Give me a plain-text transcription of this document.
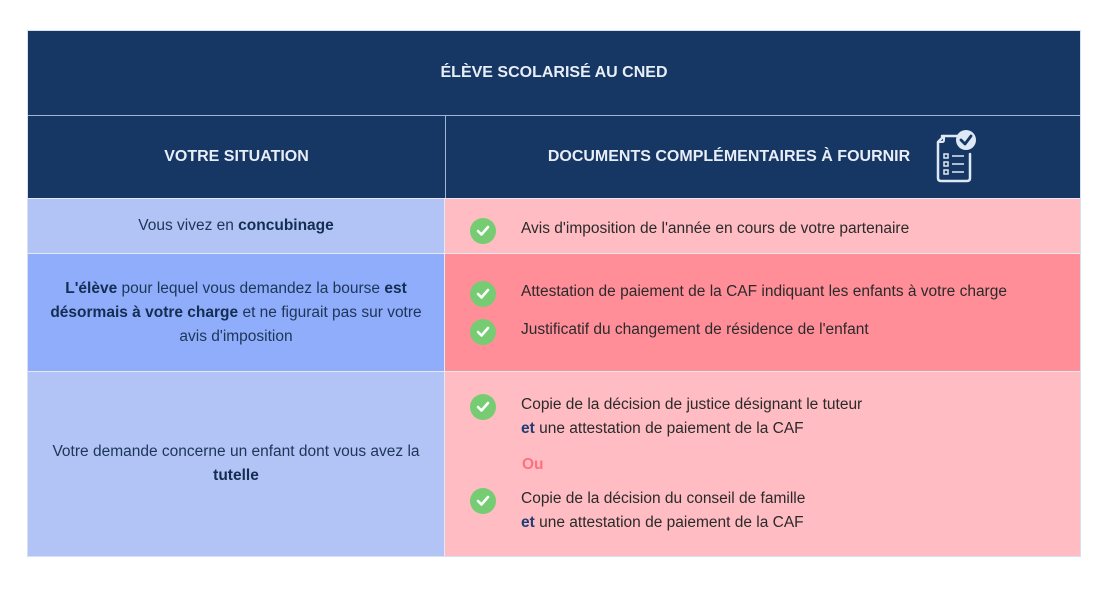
ÉLÈVE SCOLARISÉ AU CNED
VOTRE SITUATION	DOCUMENTS COMPLÉMENTAIRES À FOURNIR
Vous vivez en concubinage	Avis d'imposition de l'année en cours de votre partenaire
L'élève pour lequel vous demandez la bourse est désormais à votre charge et ne figurait pas sur votre avis d'imposition
Attestation de paiement de la CAF indiquant les enfants à votre charge
Justificatif du changement de résidence de l'enfant
Votre demande concerne un enfant dont vous avez la tutelle
Copie de la décision de justice désignant le tuteur
et une attestation de paiement de la CAF
Ou
Copie de la décision du conseil de famille
et une attestation de paiement de la CAF
